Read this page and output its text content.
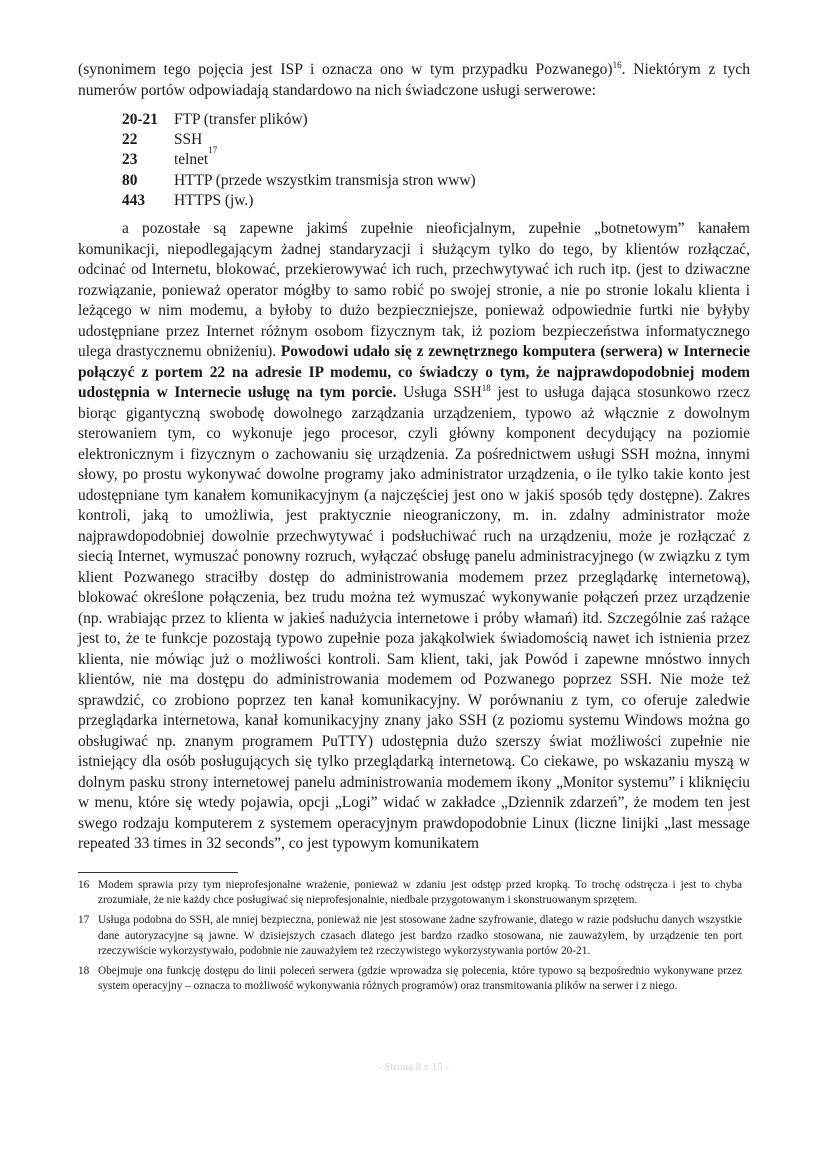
(synonimem tego pojęcia jest ISP i oznacza ono w tym przypadku Pozwanego)$^{16}$. Niektórym z tych numerów portów odpowiadają standardowo na nich świadczone usługi serwerowe:

20-21	FTP (transfer plików)
22	SSH
23	telnet
17
80	HTTP (przede wszystkim transmisja stron www)
443	HTTPS (jw.)

a pozostałe są zapewne jakimś zupełnie nieoficjalnym, zupełnie „botnetowym” kanałem komunikacji, niepodlegającym żadnej standaryzacji i służącym tylko do tego, by klientów rozłączać, odcinać od Internetu, blokować, przekierowywać ich ruch, przechwytywać ich ruch itp. (jest to dziwaczne rozwiązanie, ponieważ operator mógłby to samo robić po swojej stronie, a nie po stronie lokalu klienta i leżącego w nim modemu, a byłoby to dużo bezpieczniejsze, ponieważ odpowiednie furtki nie byłyby udostępniane przez Internet różnym osobom fizycznym tak, iż poziom bezpieczeństwa informatycznego ulega drastycznemu obniżeniu). Powodowi udało się z zewnętrznego komputera (serwera) w Internecie połączyć z portem 22 na adresie IP modemu, co świadczy o tym, że najprawdopodobniej modem udostępnia w Internecie usługę na tym porcie. Usługa SSH$^{18}$ jest to usługa dająca stosunkowo rzecz biorąc gigantyczną swobodę dowolnego zarządzania urządzeniem, typowo aż włącznie z dowolnym sterowaniem tym, co wykonuje jego procesor, czyli główny komponent decydujący na poziomie elektronicznym i fizycznym o zachowaniu się urządzenia. Za pośrednictwem usługi SSH można, innymi słowy, po prostu wykonywać dowolne programy jako administrator urządzenia, o ile tylko takie konto jest udostępniane tym kanałem komunikacyjnym (a najczęściej jest ono w jakiś sposób tędy dostępne). Zakres kontroli, jaką to umożliwia, jest praktycznie nieograniczony, m. in. zdalny administrator może najprawdopodobniej dowolnie przechwytywać i podsłuchiwać ruch na urządzeniu, może je rozłączać z siecią Internet, wymuszać ponowny rozruch, wyłączać obsługę panelu administracyjnego (w związku z tym klient Pozwanego straciłby dostęp do administrowania modemem przez przeglądarkę internetową), blokować określone połączenia, bez trudu można też wymuszać wykonywanie połączeń przez urządzenie (np. wrabiając przez to klienta w jakieś nadużycia internetowe i próby włamań) itd. Szczególnie zaś rażące jest to, że te funkcje pozostają typowo zupełnie poza jakąkolwiek świadomością nawet ich istnienia przez klienta, nie mówiąc już o możliwości kontroli. Sam klient, taki, jak Powód i zapewne mnóstwo innych klientów, nie ma dostępu do administrowania modemem od Pozwanego poprzez SSH. Nie może też sprawdzić, co zrobiono poprzez ten kanał komunikacyjny. W porównaniu z tym, co oferuje zaledwie przeglądarka internetowa, kanał komunikacyjny znany jako SSH (z poziomu systemu Windows można go obsługiwać np. znanym programem PuTTY) udostępnia dużo szerszy świat możliwości zupełnie nie istniejący dla osób posługujących się tylko przeglądarką internetową. Co ciekawe, po wskazaniu myszą w dolnym pasku strony internetowej panelu administrowania modemem ikony „Monitor systemu” i kliknięciu w menu, które się wtedy pojawia, opcji „Logi” widać w zakładce „Dziennik zdarzeń”, że modem ten jest swego rodzaju komputerem z systemem operacyjnym prawdopodobnie Linux (liczne linijki „last message repeated 33 times in 32 seconds”, co jest typowym komunikatem

16 Modem sprawia przy tym nieprofesjonalne wrażenie, ponieważ w zdaniu jest odstęp przed kropką. To trochę odstręcza i jest to chyba zrozumiałe, że nie każdy chce posługiwać się nieprofesjonalnie, niedbale przygotowanym i skonstruowanym sprzętem.
17 Usługa podobna do SSH, ale mniej bezpieczna, ponieważ nie jest stosowane żadne szyfrowanie, dlatego w razie podsłuchu danych wszystkie dane autoryzacyjne są jawne. W dzisiejszych czasach dlatego jest bardzo rzadko stosowana, nie zauważyłem, by urządzenie ten port rzeczywiście wykorzystywało, podobnie nie zauważyłem też rzeczywistego wykorzystywania portów 20-21.
18 Obejmuje ona funkcję dostępu do linii poleceń serwera (gdzie wprowadza się polecenia, które typowo są bezpośrednio wykonywane przez system operacyjny – oznacza to możliwość wykonywania różnych programów) oraz transmitowania plików na serwer i z niego.
- Strona 8 z 15 -
